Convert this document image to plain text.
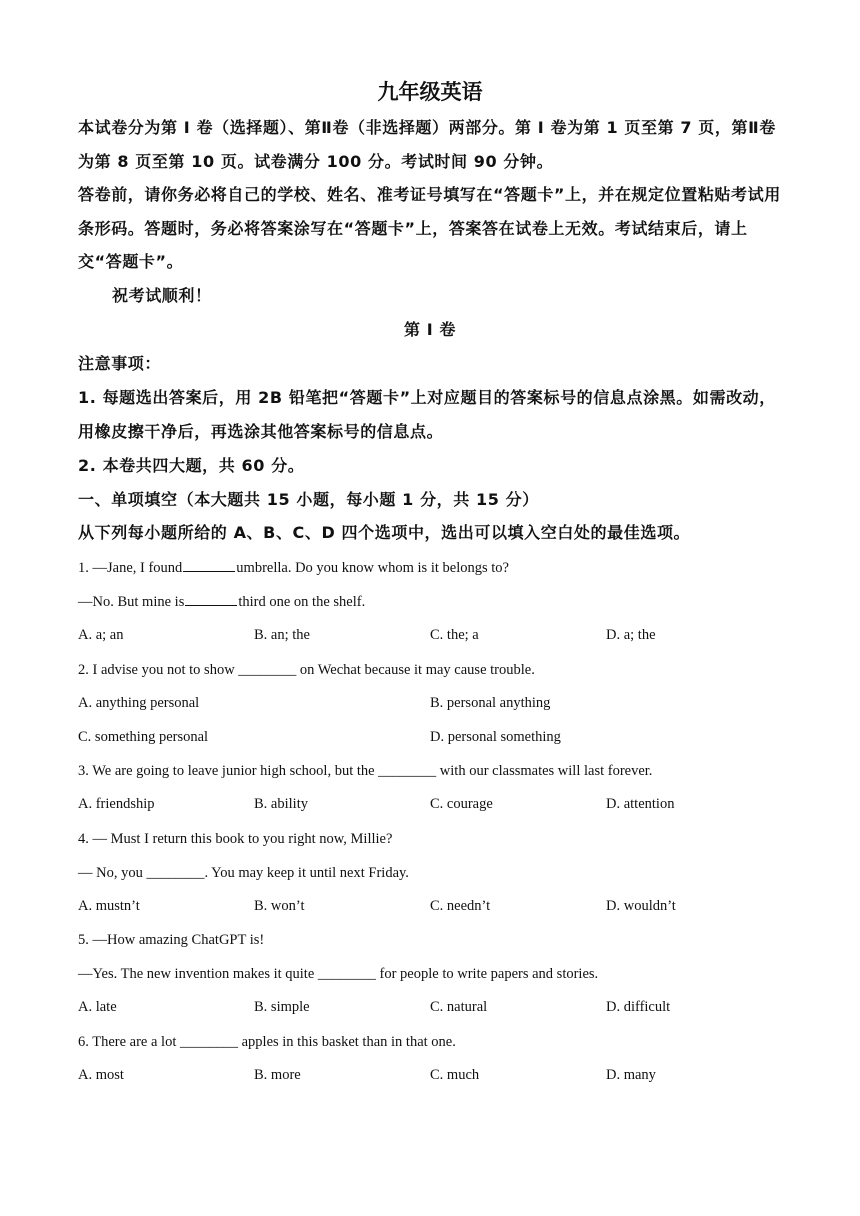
九年级英语
本试卷分为第 I 卷（选择题）、第Ⅱ卷（非选择题）两部分。第 I 卷为第 1 页至第 7 页，第Ⅱ卷为第 8 页至第 10 页。试卷满分 100 分。考试时间 90 分钟。
答卷前，请你务必将自己的学校、姓名、准考证号填写在“答题卡”上，并在规定位置粘贴考试用条形码。答题时，务必将答案涂写在“答题卡”上，答案答在试卷上无效。考试结束后，请上交“答题卡”。
祝考试顺利！
第 I 卷
注意事项：
1. 每题选出答案后，用 2B 铅笔把“答题卡”上对应题目的答案标号的信息点涂黑。如需改动，用橡皮擦干净后，再选涂其他答案标号的信息点。
2. 本卷共四大题，共 60 分。
一、单项填空（本大题共 15 小题，每小题 1 分，共 15 分）
从下列每小题所给的 A、B、C、D 四个选项中，选出可以填入空白处的最佳选项。
1. —Jane, I found	umbrella. Do you know whom is it belongs to?
—No. But mine is	third one on the shelf.
A. a; an	B. an; the	C. the; a	D. a; the
2. I advise you not to show ________ on Wechat because it may cause trouble.
A. anything personal	B. personal anything
C. something personal	D. personal something
3. We are going to leave junior high school, but the ________ with our classmates will last forever.
A. friendship	B. ability	C. courage	D. attention
4. — Must I return this book to you right now, Millie?
— No, you ________. You may keep it until next Friday.
A. mustn’t	B. won’t	C. needn’t	D. wouldn’t
5. —How amazing ChatGPT is!
—Yes. The new invention makes it quite ________ for people to write papers and stories.
A. late	B. simple	C. natural	D. difficult
6. There are a lot ________ apples in this basket than in that one.
A. most	B. more	C. much	D. many
